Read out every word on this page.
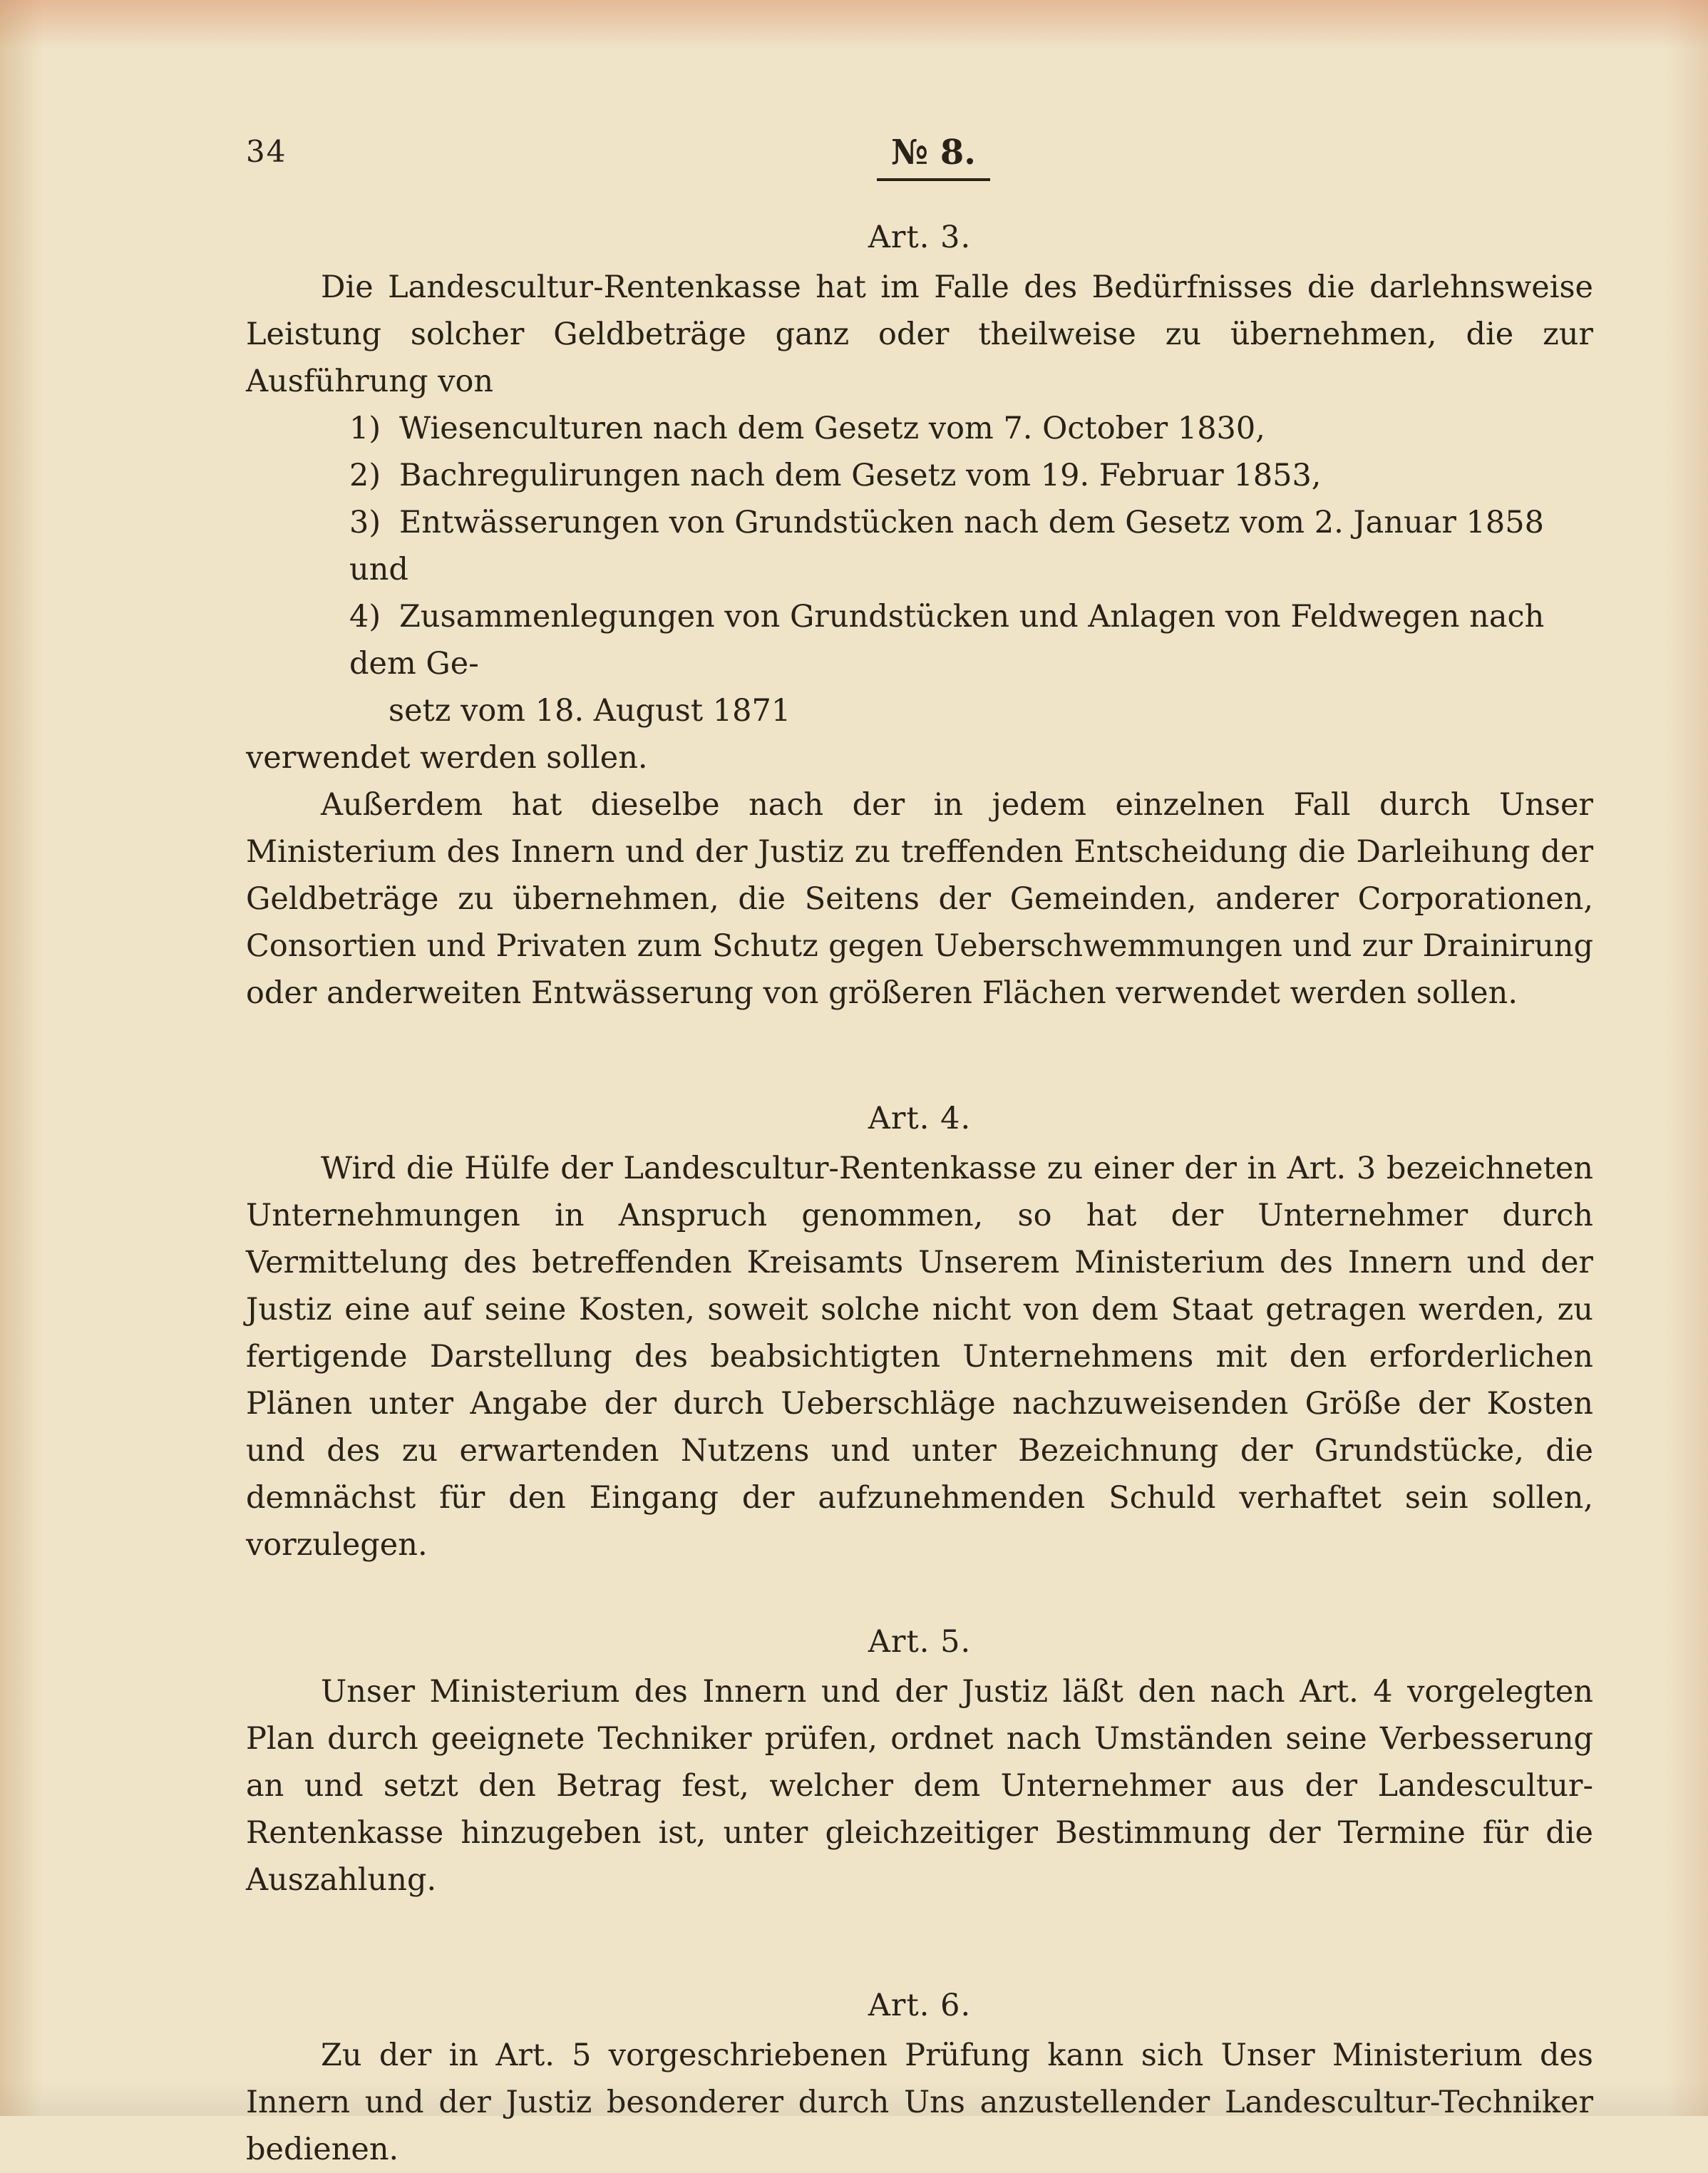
34	№ 8.
Art. 3.

Die Landescultur-Rentenkasse hat im Falle des Bedürfnisses die darlehnsweise Leistung solcher Geldbeträge ganz oder theilweise zu übernehmen, die zur Ausführung von

1) Wiesenculturen nach dem Gesetz vom 7. October 1830,
2) Bachregulirungen nach dem Gesetz vom 19. Februar 1853,
3) Entwässerungen von Grundstücken nach dem Gesetz vom 2. Januar 1858 und
4) Zusammenlegungen von Grundstücken und Anlagen von Feldwegen nach dem Ge-
setz vom 18. August 1871

verwendet werden sollen.

Außerdem hat dieselbe nach der in jedem einzelnen Fall durch Unser Ministerium des Innern und der Justiz zu treffenden Entscheidung die Darleihung der Geldbeträge zu übernehmen, die Seitens der Gemeinden, anderer Corporationen, Consortien und Privaten zum Schutz gegen Ueberschwemmungen und zur Drainirung oder anderweiten Entwässerung von größeren Flächen verwendet werden sollen.

Art. 4.

Wird die Hülfe der Landescultur-Rentenkasse zu einer der in Art. 3 bezeichneten Unternehmungen in Anspruch genommen, so hat der Unternehmer durch Vermittelung des betreffenden Kreisamts Unserem Ministerium des Innern und der Justiz eine auf seine Kosten, soweit solche nicht von dem Staat getragen werden, zu fertigende Darstellung des beabsichtigten Unternehmens mit den erforderlichen Plänen unter Angabe der durch Ueberschläge nachzuweisenden Größe der Kosten und des zu erwartenden Nutzens und unter Bezeichnung der Grundstücke, die demnächst für den Eingang der aufzunehmenden Schuld verhaftet sein sollen, vorzulegen.

Art. 5.

Unser Ministerium des Innern und der Justiz läßt den nach Art. 4 vorgelegten Plan durch geeignete Techniker prüfen, ordnet nach Umständen seine Verbesserung an und setzt den Betrag fest, welcher dem Unternehmer aus der Landescultur-Rentenkasse hinzugeben ist, unter gleichzeitiger Bestimmung der Termine für die Auszahlung.

Art. 6.

Zu der in Art. 5 vorgeschriebenen Prüfung kann sich Unser Ministerium des Innern und der Justiz besonderer durch Uns anzustellender Landescultur-Techniker bedienen.
